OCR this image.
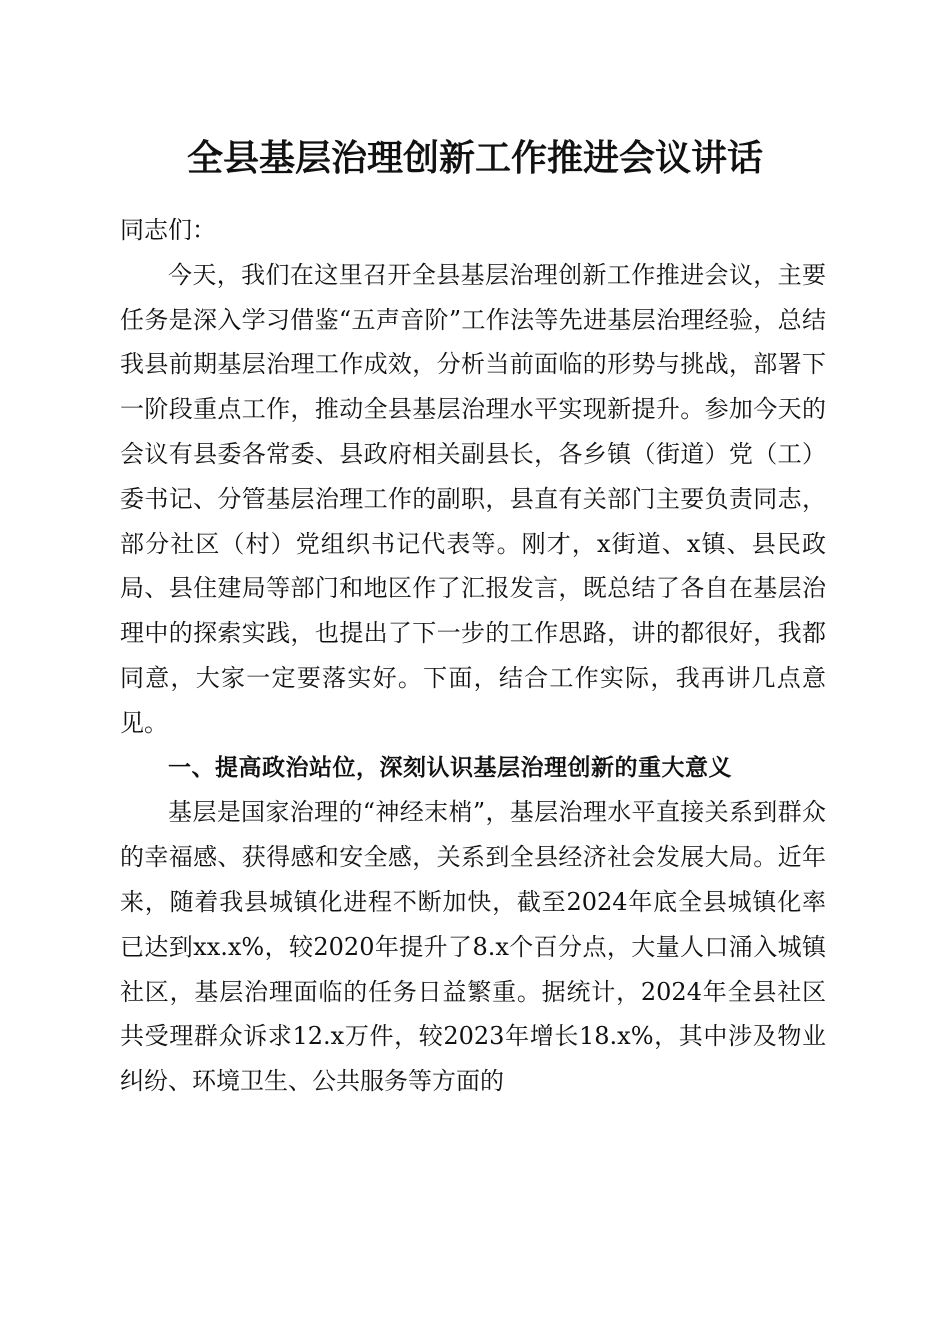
全县基层治理创新工作推进会议讲话

同志们：

今天，我们在这里召开全县基层治理创新工作推进会议，主要任务是深入学习借鉴“五声音阶”工作法等先进基层治理经验，总结我县前期基层治理工作成效，分析当前面临的形势与挑战，部署下一阶段重点工作，推动全县基层治理水平实现新提升。参加今天的会议有县委各常委、县政府相关副县长，各乡镇（街道）党（工）委书记、分管基层治理工作的副职，县直有关部门主要负责同志，部分社区（村）党组织书记代表等。刚才，x街道、x镇、县民政局、县住建局等部门和地区作了汇报发言，既总结了各自在基层治理中的探索实践，也提出了下一步的工作思路，讲的都很好，我都同意，大家一定要落实好。下面，结合工作实际，我再讲几点意见。

一、提高政治站位，深刻认识基层治理创新的重大意义

基层是国家治理的“神经末梢”，基层治理水平直接关系到群众的幸福感、获得感和安全感，关系到全县经济社会发展大局。近年来，随着我县城镇化进程不断加快，截至2024年底全县城镇化率已达到xx.x%，较2020年提升了8.x个百分点，大量人口涌入城镇社区，基层治理面临的任务日益繁重。据统计，2024年全县社区共受理群众诉求12.x万件，较2023年增长18.x%，其中涉及物业纠纷、环境卫生、公共服务等方面的
